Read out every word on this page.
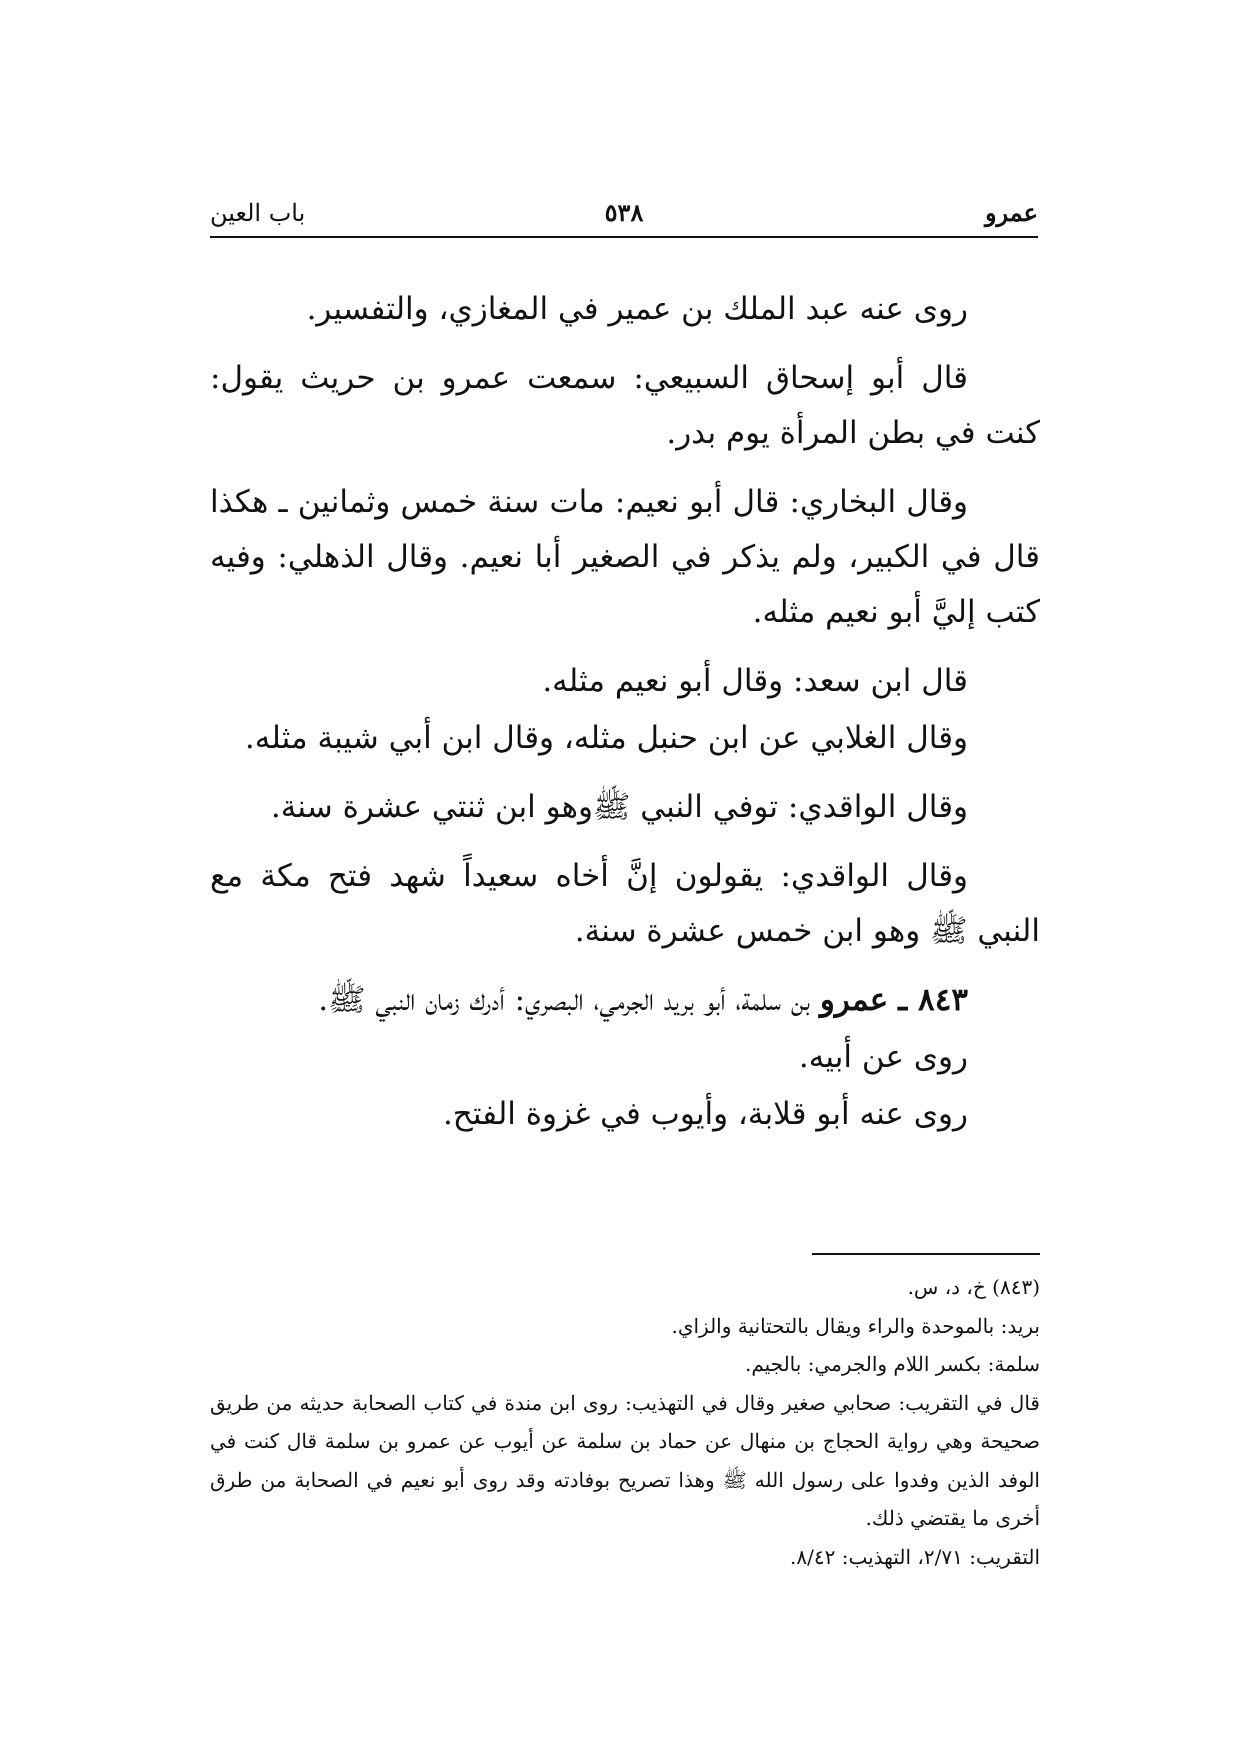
عمرو
٥٣٨
باب العين

روى عنه عبد الملك بن عمير في المغازي، والتفسير.

قال أبو إسحاق السبيعي: سمعت عمرو بن حريث يقول: كنت في بطن المرأة يوم بدر.

وقال البخاري: قال أبو نعيم: مات سنة خمس وثمانين ـ هكذا قال في الكبير، ولم يذكر في الصغير أبا نعيم. وقال الذهلي: وفيه كتب إليَّ أبو نعيم مثله.

قال ابن سعد: وقال أبو نعيم مثله.

وقال الغلابي عن ابن حنبل مثله، وقال ابن أبي شيبة مثله.

وقال الواقدي: توفي النبي ﷺوهو ابن ثنتي عشرة سنة.

وقال الواقدي: يقولون إنَّ أخاه سعيداً شهد فتح مكة مع النبي ﷺ وهو ابن خمس عشرة سنة.

٨٤٣ ـ عمرو بن سلمة، أبو بريد الجرمي، البصري: أدرك زمان النبي ﷺ.

روى عن أبيه.

روى عنه أبو قلابة، وأيوب في غزوة الفتح.

(٨٤٣) خ، د، س.

بريد: بالموحدة والراء ويقال بالتحتانية والزاي.

سلمة: بكسر اللام والجرمي: بالجيم.

قال في التقريب: صحابي صغير وقال في التهذيب: روى ابن مندة في كتاب الصحابة حديثه من طريق صحيحة وهي رواية الحجاج بن منهال عن حماد بن سلمة عن أيوب عن عمرو بن سلمة قال كنت في الوفد الذين وفدوا على رسول الله ﷺ وهذا تصريح بوفادته وقد روى أبو نعيم في الصحابة من طرق أخرى ما يقتضي ذلك.

التقريب: ٢/٧١، التهذيب: ٨/٤٢.
